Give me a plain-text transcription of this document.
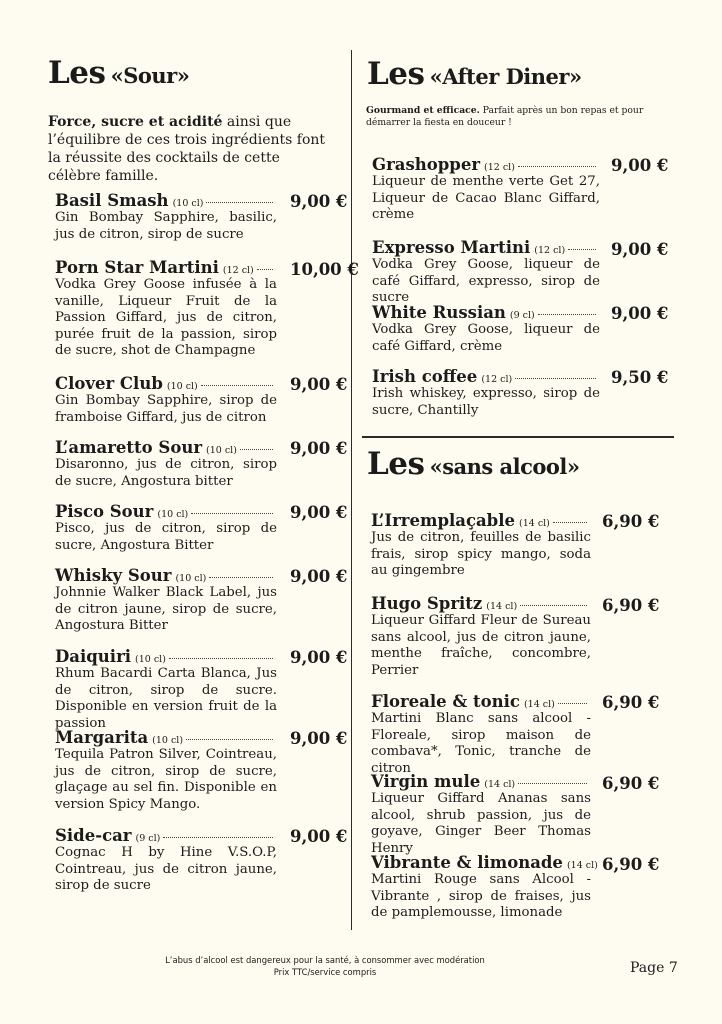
Les «Sour»
Force, sucre et acidité ainsi que l’équilibre de ces trois ingrédients font la réussite des cocktails de cette célèbre famille.
Basil Smash (10 cl)
Gin Bombay Sapphire, basilic, jus de citron, sirop de sucre
9,00 €
Porn Star Martini (12 cl)
Vodka Grey Goose infusée à la vanille, Liqueur Fruit de la Passion Giffard, jus de citron, purée fruit de la passion, sirop de sucre, shot de Champagne
10,00 €
Clover Club (10 cl)
Gin Bombay Sapphire, sirop de framboise Giffard, jus de citron
9,00 €
L’amaretto Sour (10 cl)
Disaronno, jus de citron, sirop de sucre, Angostura bitter
9,00 €
Pisco Sour (10 cl)
Pisco, jus de citron, sirop de sucre, Angostura Bitter
9,00 €
Whisky Sour (10 cl)
Johnnie Walker Black Label, jus de citron jaune, sirop de sucre, Angostura Bitter
9,00 €
Daiquiri (10 cl)
Rhum Bacardi Carta Blanca, Jus de citron, sirop de sucre. Disponible en version fruit de la passion
9,00 €
Margarita (10 cl)
Tequila Patron Silver, Cointreau, jus de citron, sirop de sucre, glaçage au sel fin. Disponible en version Spicy Mango.
9,00 €
Side-car (9 cl)
Cognac H by Hine V.S.O.P, Cointreau, jus de citron jaune, sirop de sucre
9,00 €
Les «After Diner»
Gourmand et efficace. Parfait après un bon repas et pour démarrer la fiesta en douceur !
Grashopper (12 cl)
Liqueur de menthe verte Get 27, Liqueur de Cacao Blanc Giffard, crème
9,00 €
Expresso Martini (12 cl)
Vodka Grey Goose, liqueur de café Giffard, expresso, sirop de sucre
9,00 €
White Russian (9 cl)
Vodka Grey Goose, liqueur de café Giffard, crème
9,00 €
Irish coffee (12 cl)
Irish whiskey, expresso, sirop de sucre, Chantilly
9,50 €
Les «sans alcool»
L’Irremplaçable (14 cl)
Jus de citron, feuilles de basilic frais, sirop spicy mango, soda au gingembre
6,90 €
Hugo Spritz (14 cl)
Liqueur Giffard Fleur de Sureau sans alcool, jus de citron jaune, menthe fraîche, concombre, Perrier
6,90 €
Floreale & tonic (14 cl)
Martini Blanc sans alcool - Floreale, sirop maison de combava*, Tonic, tranche de citron
6,90 €
Virgin mule (14 cl)
Liqueur Giffard Ananas sans alcool, shrub passion, jus de goyave, Ginger Beer Thomas Henry
6,90 €
Vibrante & limonade (14 cl)
Martini Rouge sans Alcool - Vibrante , sirop de fraises, jus de pamplemousse, limonade
6,90 €
L’abus d’alcool est dangereux pour la santé, à consommer avec modération
Prix TTC/service compris	Page 7
